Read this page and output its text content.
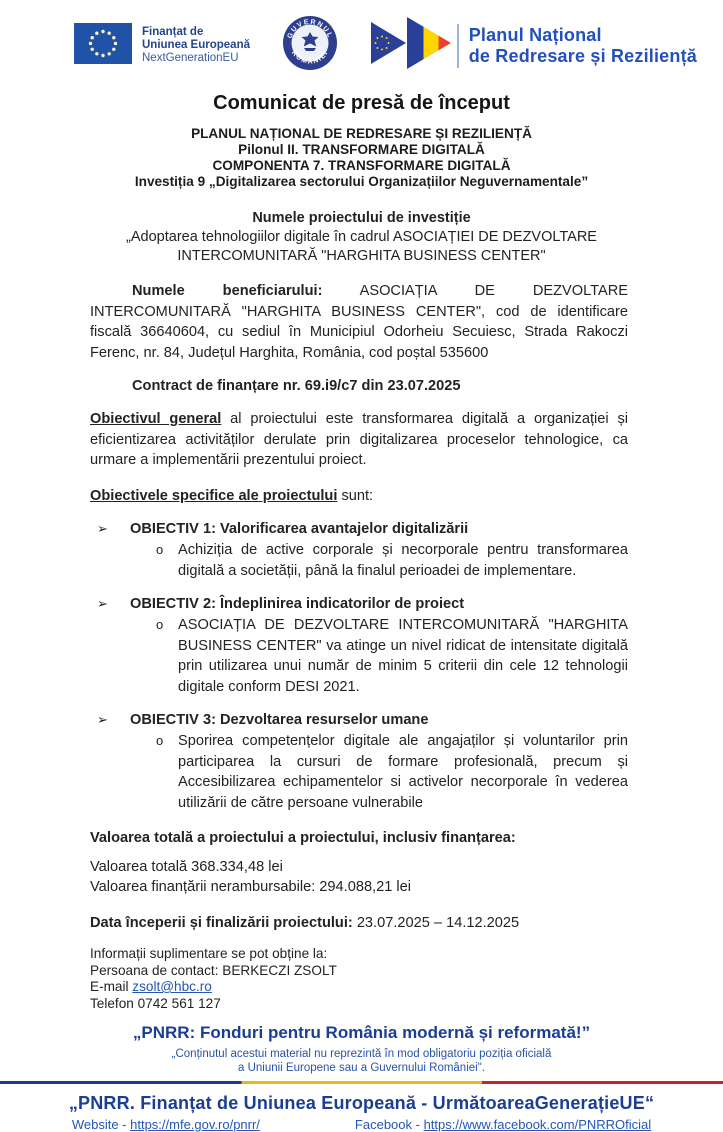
Finanțat de
Uniunea Europeană
NextGenerationEU
GUVERNUL
ROMÂNIEI
Planul Național
de Redresare și Reziliență
Comunicat de presă de început
PLANUL NAȚIONAL DE REDRESARE ȘI REZILIENȚĂ
Pilonul II. TRANSFORMARE DIGITALĂ
COMPONENTA 7. TRANSFORMARE DIGITALĂ
Investiția 9 „Digitalizarea sectorului Organizațiilor Neguvernamentale”
Numele proiectului de investiție
„Adoptarea tehnologiilor digitale în cadrul ASOCIAȚIEI DE DEZVOLTARE INTERCOMUNITARĂ "HARGHITA BUSINESS CENTER"

Numele beneficiarului: ASOCIAȚIA DE DEZVOLTARE INTERCOMUNITARĂ "HARGHITA BUSINESS CENTER", cod de identificare fiscală 36640604, cu sediul în Municipiul Odorheiu Secuiesc, Strada Rakoczi Ferenc, nr. 84, Județul Harghita, România, cod poștal 535600

Contract de finanțare nr. 69.i9/c7 din 23.07.2025

Obiectivul general al proiectului este transformarea digitală a organizației și eficientizarea activităților derulate prin digitalizarea proceselor tehnologice, ca urmare a implementării prezentului proiect.

Obiectivele specifice ale proiectului sunt:

➢	OBIECTIV 1: Valorificarea avantajelor digitalizării
o	Achiziția de active corporale și necorporale pentru transformarea digitală a societății, până la finalul perioadei de implementare.
➢	OBIECTIV 2: Îndeplinirea indicatorilor de proiect
o	ASOCIAȚIA DE DEZVOLTARE INTERCOMUNITARĂ "HARGHITA BUSINESS CENTER" va atinge un nivel ridicat de intensitate digitală prin utilizarea unui număr de minim 5 criterii din cele 12 tehnologii digitale conform DESI 2021.
➢	OBIECTIV 3: Dezvoltarea resurselor umane
o	Sporirea competențelor digitale ale angajaților și voluntarilor prin participarea la cursuri de formare profesională, precum și Accesibilizarea echipamentelor si activelor necorporale în vederea utilizării de către persoane vulnerabile

Valoarea totală a proiectului a proiectului, inclusiv finanțarea:

Valoarea totală 368.334,48 lei
Valoarea finanțării nerambursabile: 294.088,21 lei

Data începerii și finalizării proiectului: 23.07.2025 – 14.12.2025

Informații suplimentare se pot obține la:
Persoana de contact: BERKECZI ZSOLT
E-mail zsolt@hbc.ro
Telefon 0742 561 127
„PNRR: Fonduri pentru România modernă și reformată!”
„Conținutul acestui material nu reprezintă în mod obligatoriu poziția oficială
a Uniunii Europene sau a Guvernului României".
„PNRR. Finanțat de Uniunea Europeană - UrmătoareaGenerațieUE“
Website - https://mfe.gov.ro/pnrr/	Facebook - https://www.facebook.com/PNRROficial
